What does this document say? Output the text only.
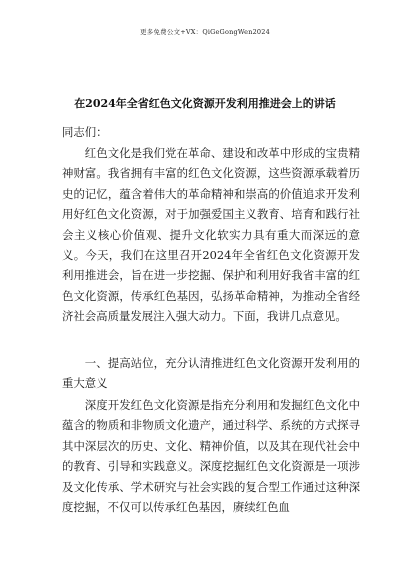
更多免费公文+VX：QiGeGongWen2024
在2024年全省红色文化资源开发利用推进会上的讲话

同志们：

红色文化是我们党在革命、建设和改革中形成的宝贵精神财富。我省拥有丰富的红色文化资源，这些资源承载着历史的记忆，蕴含着伟大的革命精神和崇高的价值追求开发利用好红色文化资源，对于加强爱国主义教育、培育和践行社会主义核心价值观、提升文化软实力具有重大而深远的意义。今天，我们在这里召开2024年全省红色文化资源开发利用推进会，旨在进一步挖掘、保护和利用好我省丰富的红色文化资源，传承红色基因，弘扬革命精神，为推动全省经济社会高质量发展注入强大动力。下面，我讲几点意见。

一、提高站位，充分认清推进红色文化资源开发利用的重大意义

深度开发红色文化资源是指充分利用和发掘红色文化中蕴含的物质和非物质文化遗产，通过科学、系统的方式探寻其中深层次的历史、文化、精神价值，以及其在现代社会中的教育、引导和实践意义。深度挖掘红色文化资源是一项涉及文化传承、学术研究与社会实践的复合型工作通过这种深度挖掘，不仅可以传承红色基因，赓续红色血
